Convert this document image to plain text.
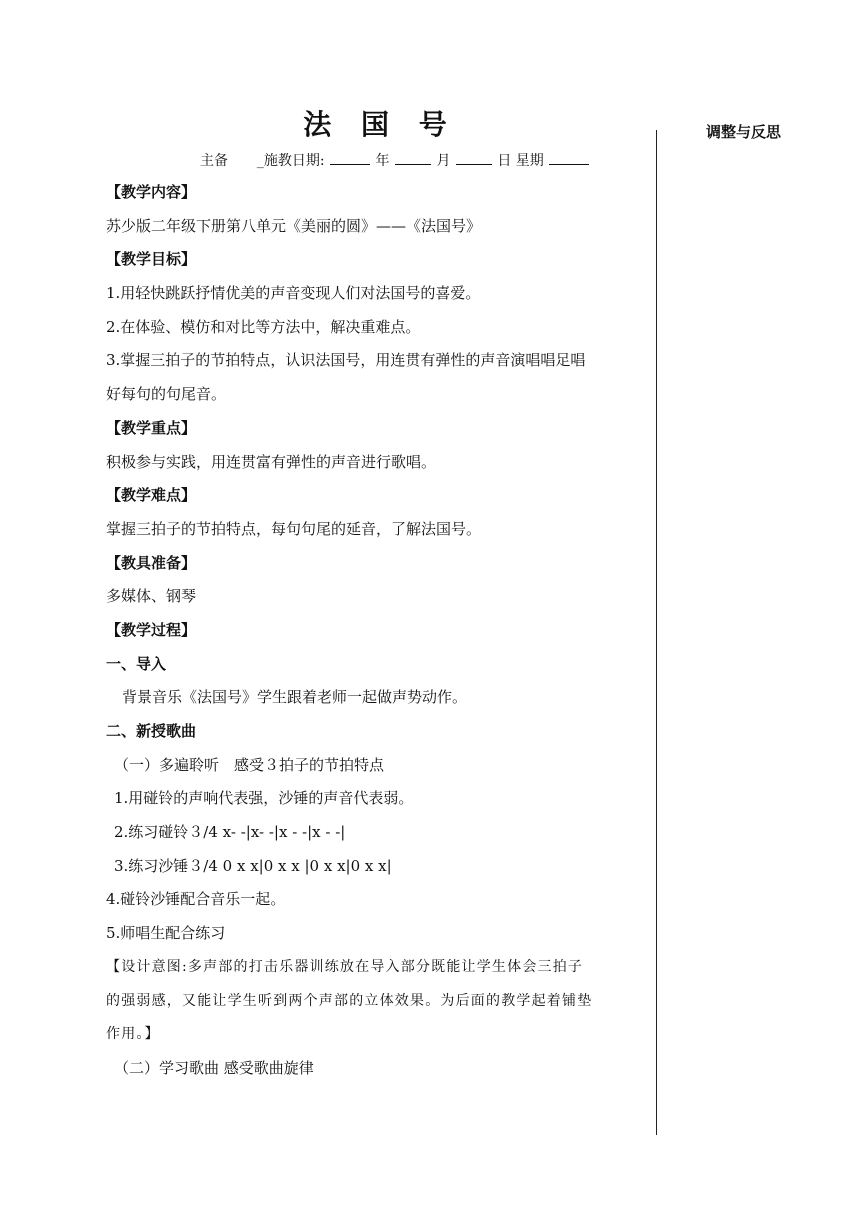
法 国 号	调整与反思
主备 _施教日期:	年	月	日 星期
【教学内容】
苏少版二年级下册第八单元《美丽的圆》——《法国号》
【教学目标】
1.用轻快跳跃抒情优美的声音变现人们对法国号的喜爱。
2.在体验、模仿和对比等方法中，解决重难点。
3.掌握三拍子的节拍特点，认识法国号，用连贯有弹性的声音演唱唱足唱
好每句的句尾音。
【教学重点】
积极参与实践，用连贯富有弹性的声音进行歌唱。
【教学难点】
掌握三拍子的节拍特点，每句句尾的延音，了解法国号。
【教具准备】
多媒体、钢琴
【教学过程】
一、导入
背景音乐《法国号》学生跟着老师一起做声势动作。
二、新授歌曲
（一）多遍聆听　感受３拍子的节拍特点
1.用碰铃的声响代表强，沙锤的声音代表弱。
2.练习碰铃３/4 x- -|x- -|x - -|x - -|
3.练习沙锤３/4 0 x x|0 x x |0 x x|0 x x|
4.碰铃沙锤配合音乐一起。
5.师唱生配合练习
【设计意图:多声部的打击乐器训练放在导入部分既能让学生体会三拍子
的强弱感，又能让学生听到两个声部的立体效果。为后面的教学起着铺垫
作用。】
（二）学习歌曲 感受歌曲旋律
